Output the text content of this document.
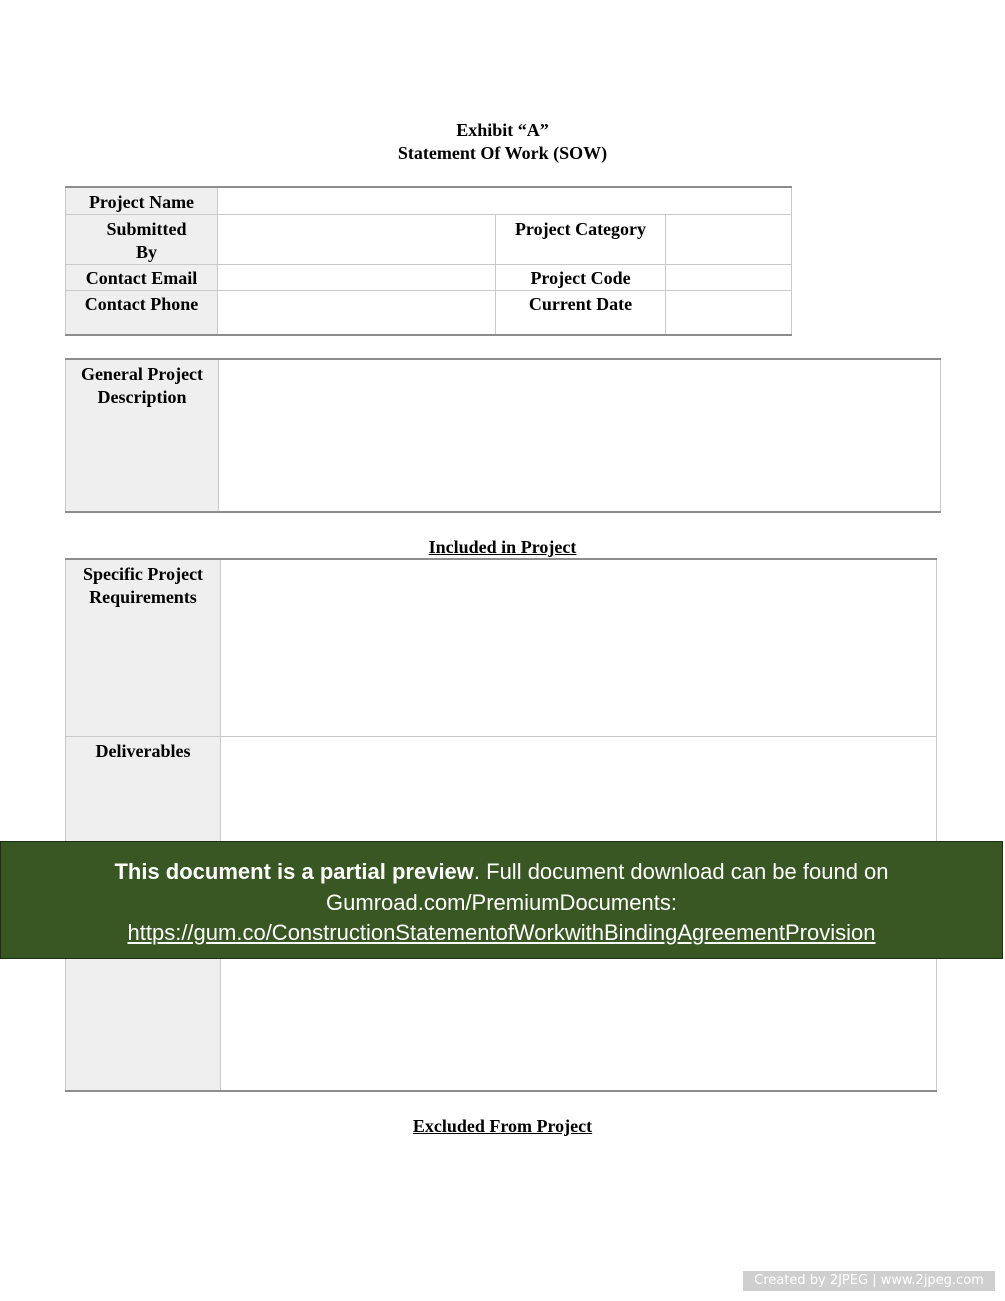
Exhibit “A”
Statement Of Work (SOW)
Project Name			
Submitted By		Project Category	
Contact Email		Project Code	
Contact Phone		Current Date	
General Project Description	
Included in Project
Specific Project Requirements	
Deliverables	
Excluded From Project
This document is a partial preview. Full document download can be found on Gumroad.com/PremiumDocuments:
https://gum.co/ConstructionStatementofWorkwithBindingAgreementProvision
Created by 2JPEG | www.2jpeg.com
